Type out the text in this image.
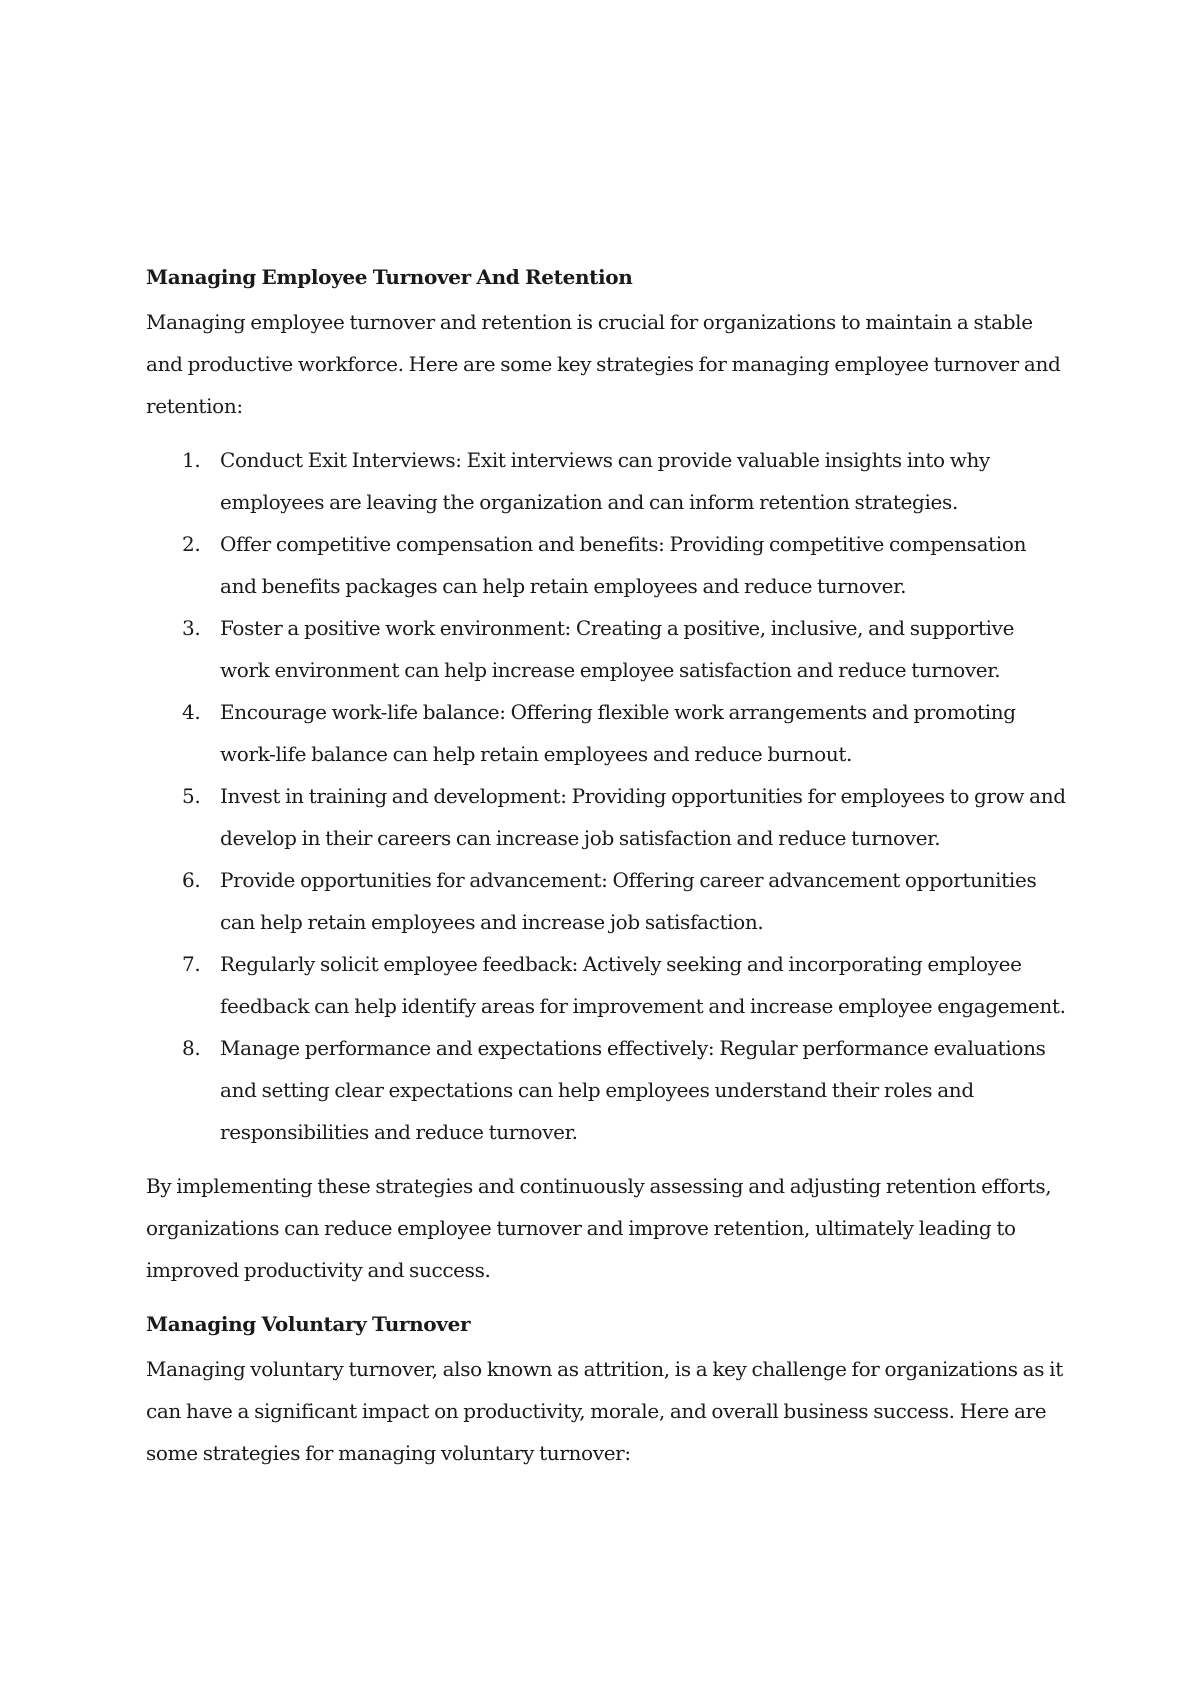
Managing Employee Turnover And Retention

Managing employee turnover and retention is crucial for organizations to maintain a stable and productive workforce. Here are some key strategies for managing employee turnover and retention:

1. Conduct Exit Interviews: Exit interviews can provide valuable insights into why employees are leaving the organization and can inform retention strategies.
2. Offer competitive compensation and benefits: Providing competitive compensation and benefits packages can help retain employees and reduce turnover.
3. Foster a positive work environment: Creating a positive, inclusive, and supportive work environment can help increase employee satisfaction and reduce turnover.
4. Encourage work-life balance: Offering flexible work arrangements and promoting work-life balance can help retain employees and reduce burnout.
5. Invest in training and development: Providing opportunities for employees to grow and develop in their careers can increase job satisfaction and reduce turnover.
6. Provide opportunities for advancement: Offering career advancement opportunities can help retain employees and increase job satisfaction.
7. Regularly solicit employee feedback: Actively seeking and incorporating employee feedback can help identify areas for improvement and increase employee engagement.
8. Manage performance and expectations effectively: Regular performance evaluations and setting clear expectations can help employees understand their roles and responsibilities and reduce turnover.

By implementing these strategies and continuously assessing and adjusting retention efforts, organizations can reduce employee turnover and improve retention, ultimately leading to improved productivity and success.

Managing Voluntary Turnover

Managing voluntary turnover, also known as attrition, is a key challenge for organizations as it can have a significant impact on productivity, morale, and overall business success. Here are some strategies for managing voluntary turnover:
